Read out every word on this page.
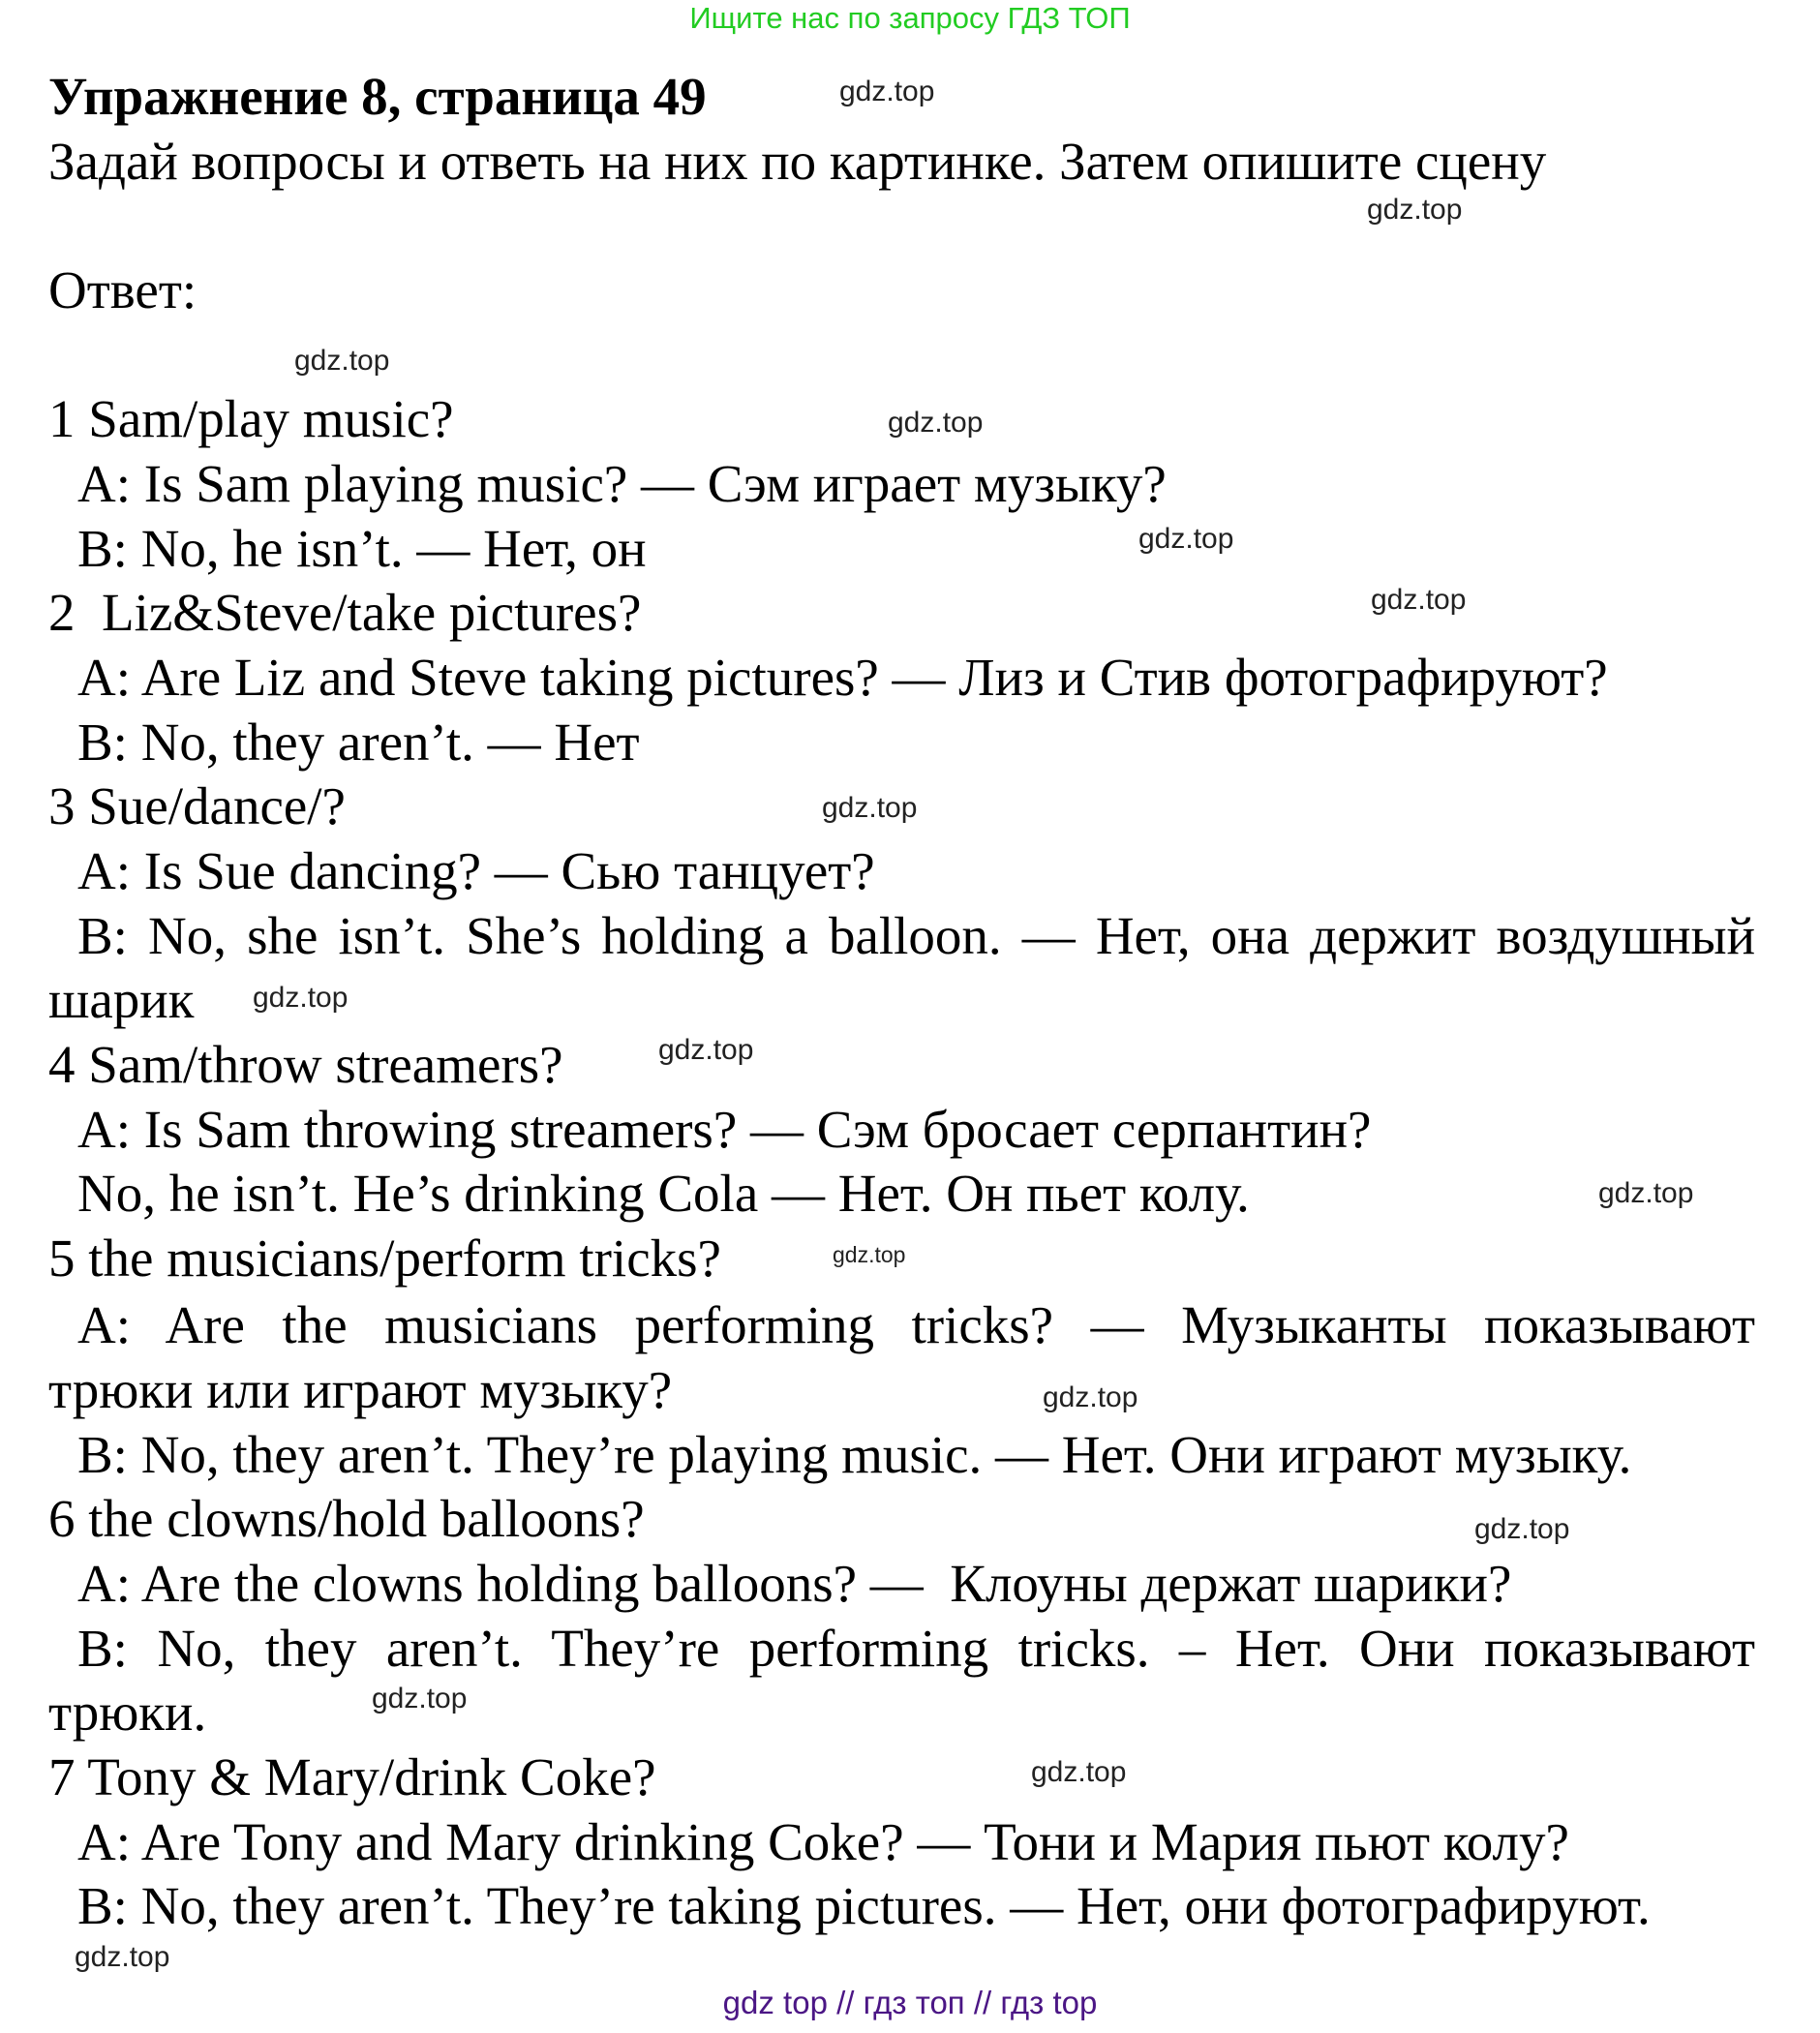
Ищите нас по запросу ГДЗ ТОП
Упражнение 8, страница 49
Задай вопросы и ответь на них по картинке. Затем опишите сцену
Ответ:
1 Sam/play music?
A: Is Sam playing music? — Сэм играет музыку?
B: No, he isn’t. — Нет, он
2  Liz&Steve/take pictures?
A: Are Liz and Steve taking pictures? — Лиз и Стив фотографируют?
B: No, they aren’t. — Нет
3 Sue/dance/?
A: Is Sue dancing? — Сью танцует?
B: No, she isn’t. She’s holding a balloon. — Нет, она держит воздушный
шарик
4 Sam/throw streamers?
A: Is Sam throwing streamers? — Сэм бросает серпантин?
No, he isn’t. He’s drinking Cola — Нет. Он пьет колу.
5 the musicians/perform tricks?
A: Are the musicians performing tricks? — Музыканты показывают
трюки или играют музыку?
B: No, they aren’t. They’re playing music. — Нет. Они играют музыку.
6 the clowns/hold balloons?
A: Are the clowns holding balloons? —  Клоуны держат шарики?
B: No, they aren’t. They’re performing tricks. – Нет. Они показывают
трюки.
7 Tony & Mary/drink Coke?
A: Are Tony and Mary drinking Coke? — Тони и Мария пьют колу?
B: No, they aren’t. They’re taking pictures. — Нет, они фотографируют.
gdz.top
gdz.top
gdz.top
gdz.top
gdz.top
gdz.top
gdz.top
gdz.top
gdz.top
gdz.top
gdz.top
gdz.top
gdz.top
gdz.top
gdz.top
gdz.top
gdz top // гдз топ // гдз top
